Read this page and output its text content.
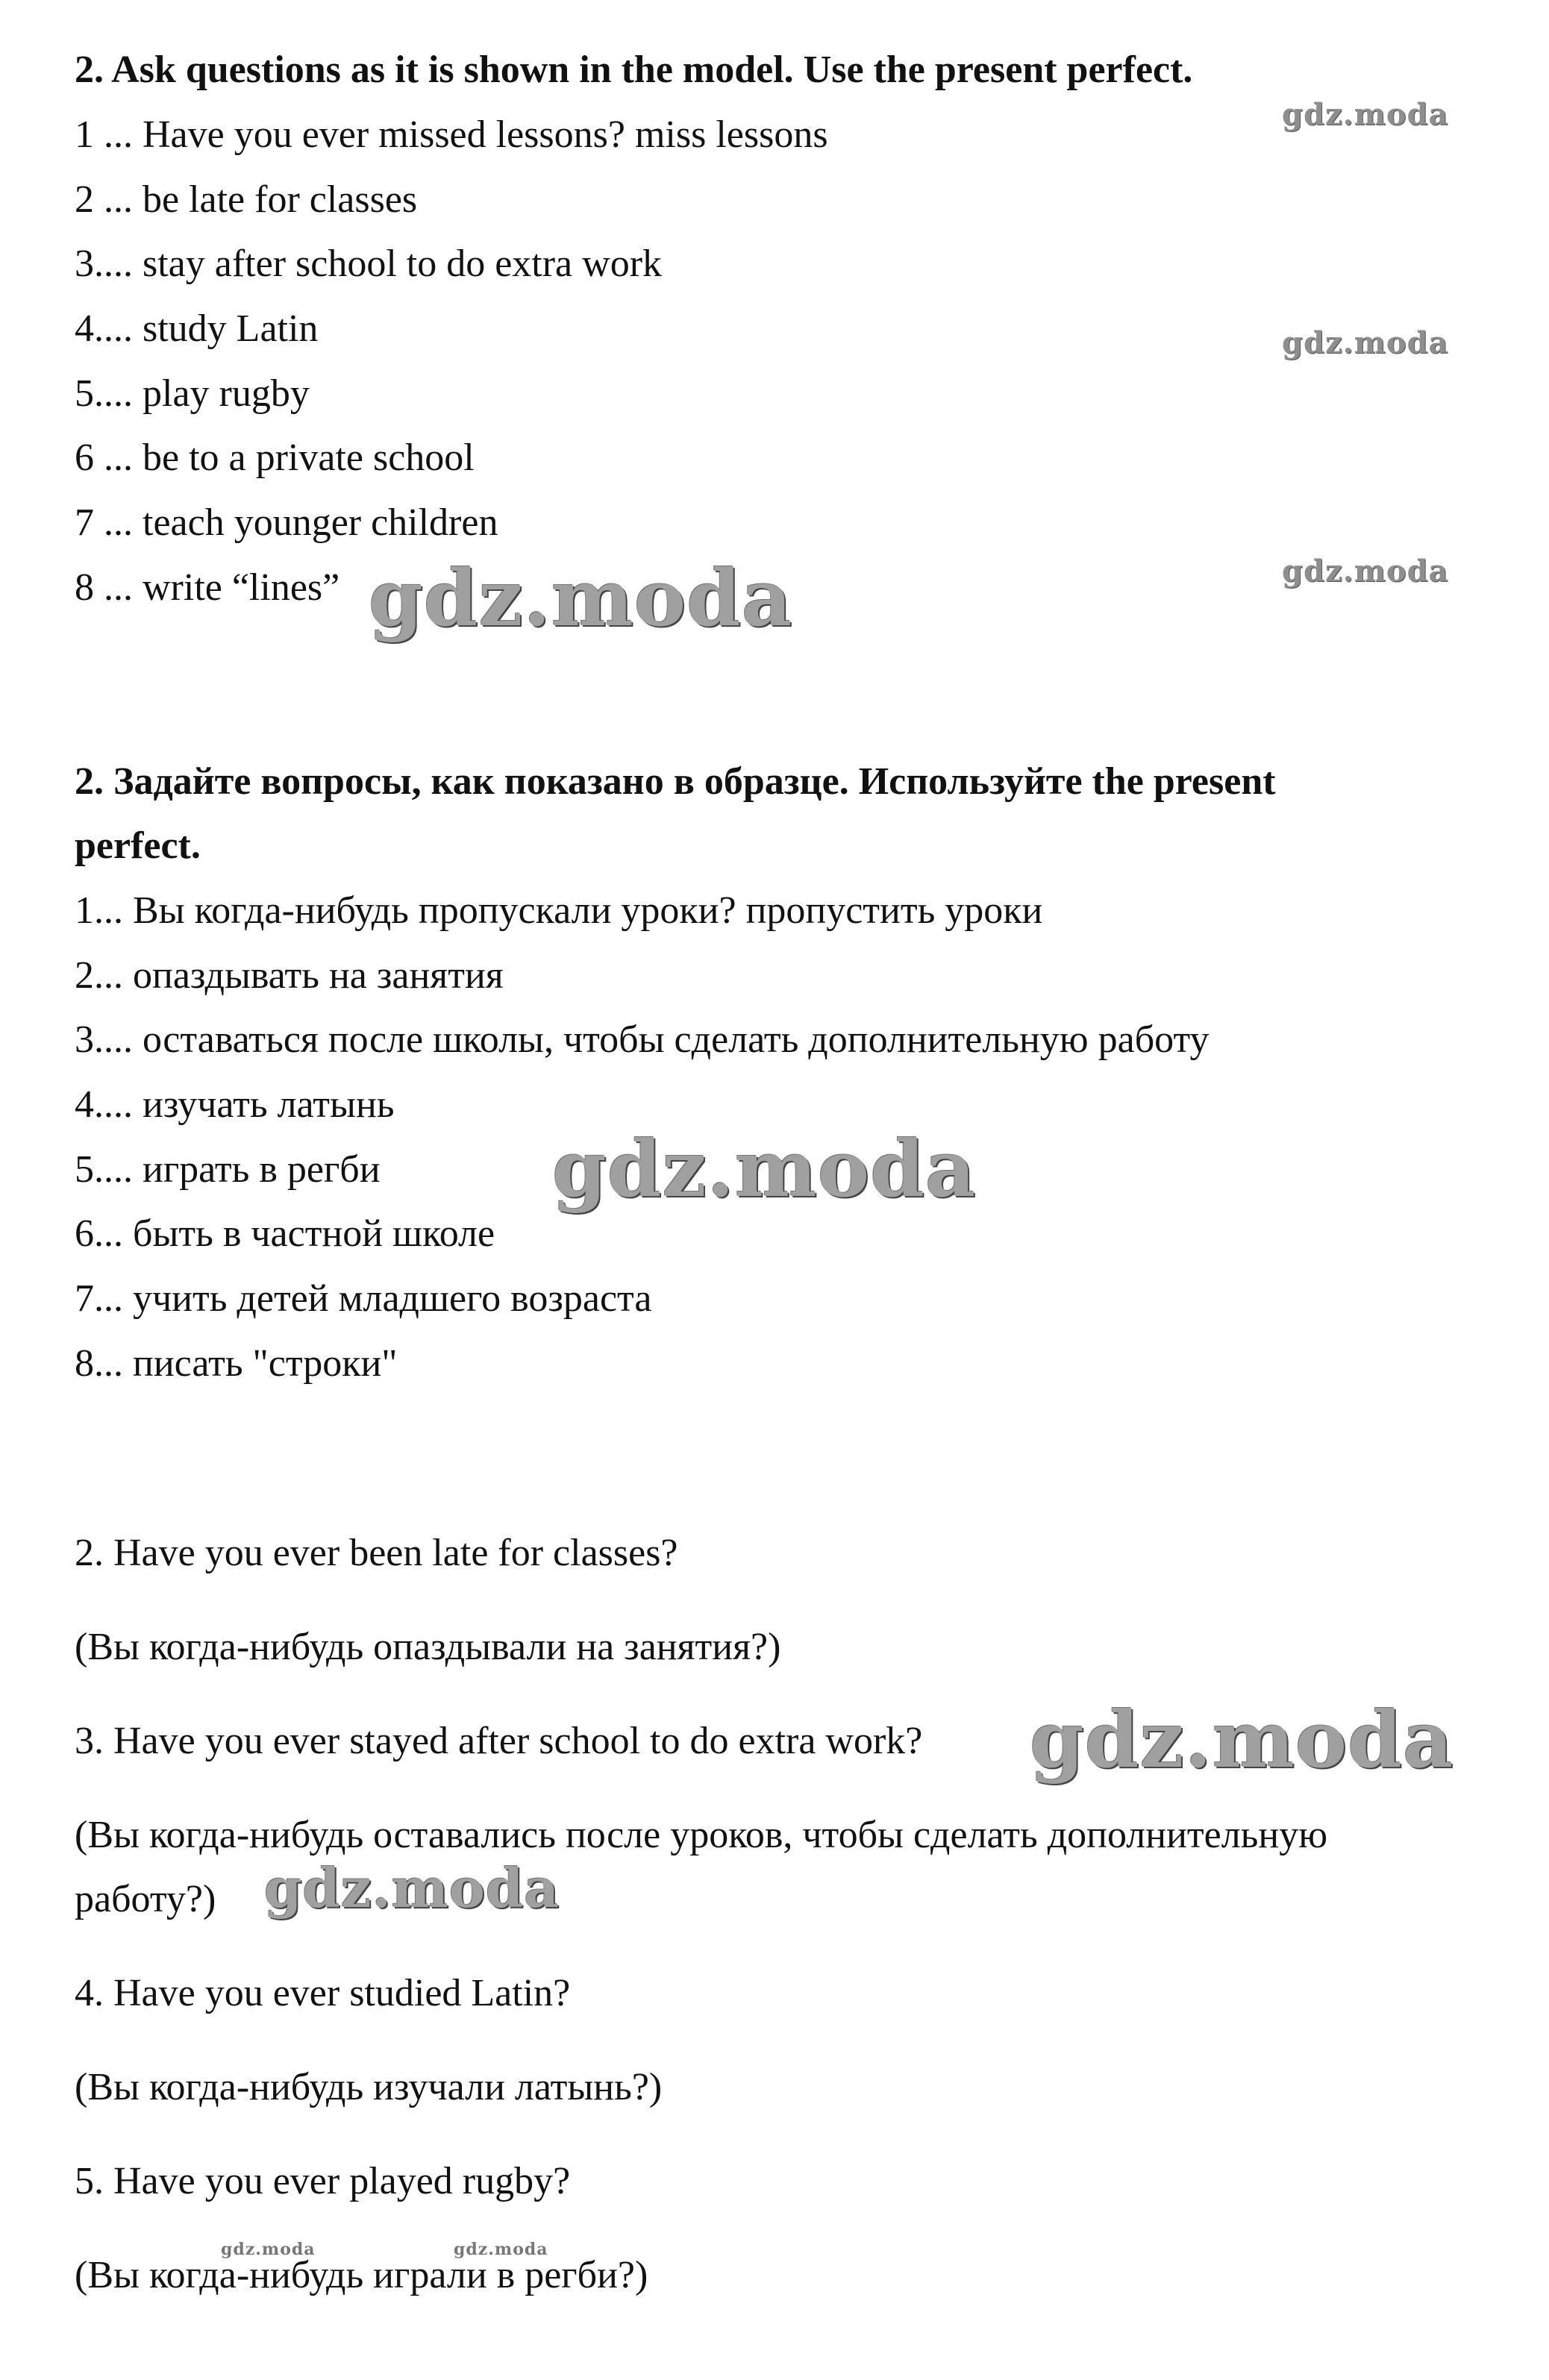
2. Ask questions as it is shown in the model. Use the present perfect.
1 ... Have you ever missed lessons? miss lessons
2 ... be late for classes
3.... stay after school to do extra work
4.... study Latin
5.... play rugby
6 ... be to a private school
7 ... teach younger children
8 ... write “lines”
2. Задайте вопросы, как показано в образце. Используйте the present
perfect.
1... Вы когда-нибудь пропускали уроки? пропустить уроки
2... опаздывать на занятия
3.... оставаться после школы, чтобы сделать дополнительную работу
4.... изучать латынь
5.... играть в регби
6... быть в частной школе
7... учить детей младшего возраста
8... писать "строки"
2. Have you ever been late for classes?
(Вы когда-нибудь опаздывали на занятия?)
3. Have you ever stayed after school to do extra work?
(Вы когда-нибудь оставались после уроков, чтобы сделать дополнительную
работу?)
4. Have you ever studied Latin?
(Вы когда-нибудь изучали латынь?)
5. Have you ever played rugby?
(Вы когда-нибудь играли в регби?)
gdz.moda
gdz.moda
gdz.moda
gdz.moda
gdz.moda
gdz.moda
gdz.moda
gdz.moda	gdz.moda
